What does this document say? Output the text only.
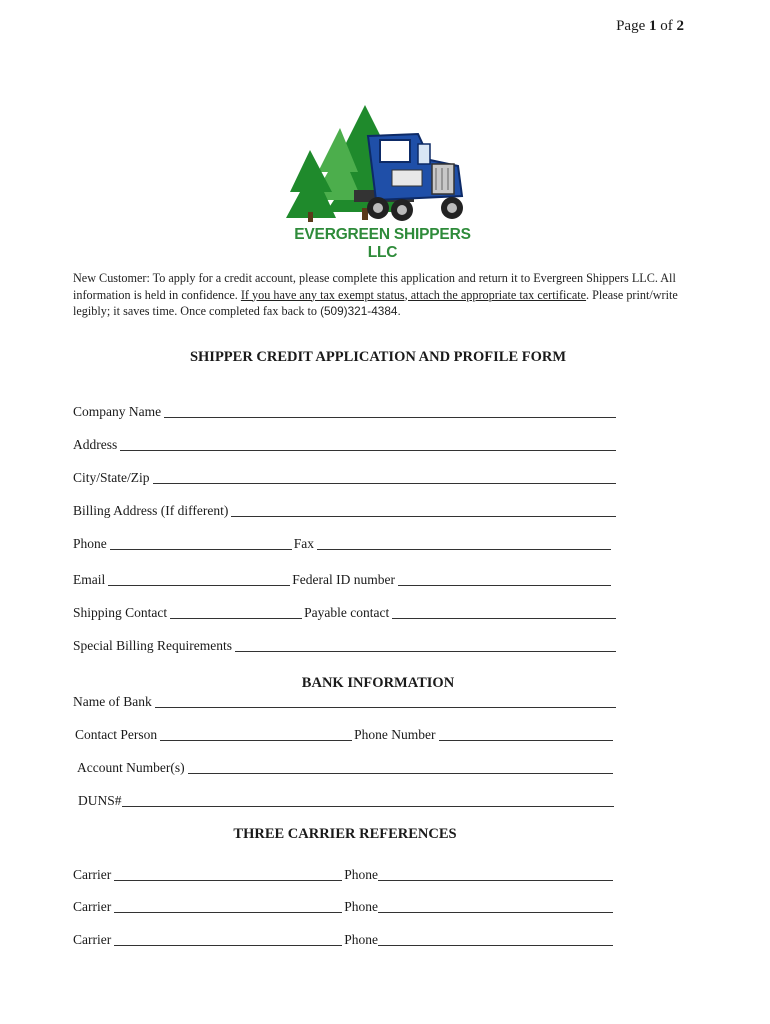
Page 1 of 2
EVERGREEN SHIPPERS LLC
New Customer: To apply for a credit account, please complete this application and return it to Evergreen Shippers LLC. All information is held in confidence. If you have any tax exempt status, attach the appropriate tax certificate. Please print/write legibly; it saves time. Once completed fax back to (509)321-4384.
SHIPPER CREDIT APPLICATION AND PROFILE FORM
Company Name
Address
City/State/Zip
Billing Address (If different)
Phone	Fax
Email	Federal ID number
Shipping Contact	Payable contact
Special Billing Requirements
BANK INFORMATION
Name of Bank
Contact Person	Phone Number
Account Number(s)
DUNS#
THREE CARRIER REFERENCES
Carrier	Phone
Carrier	Phone
Carrier	Phone
